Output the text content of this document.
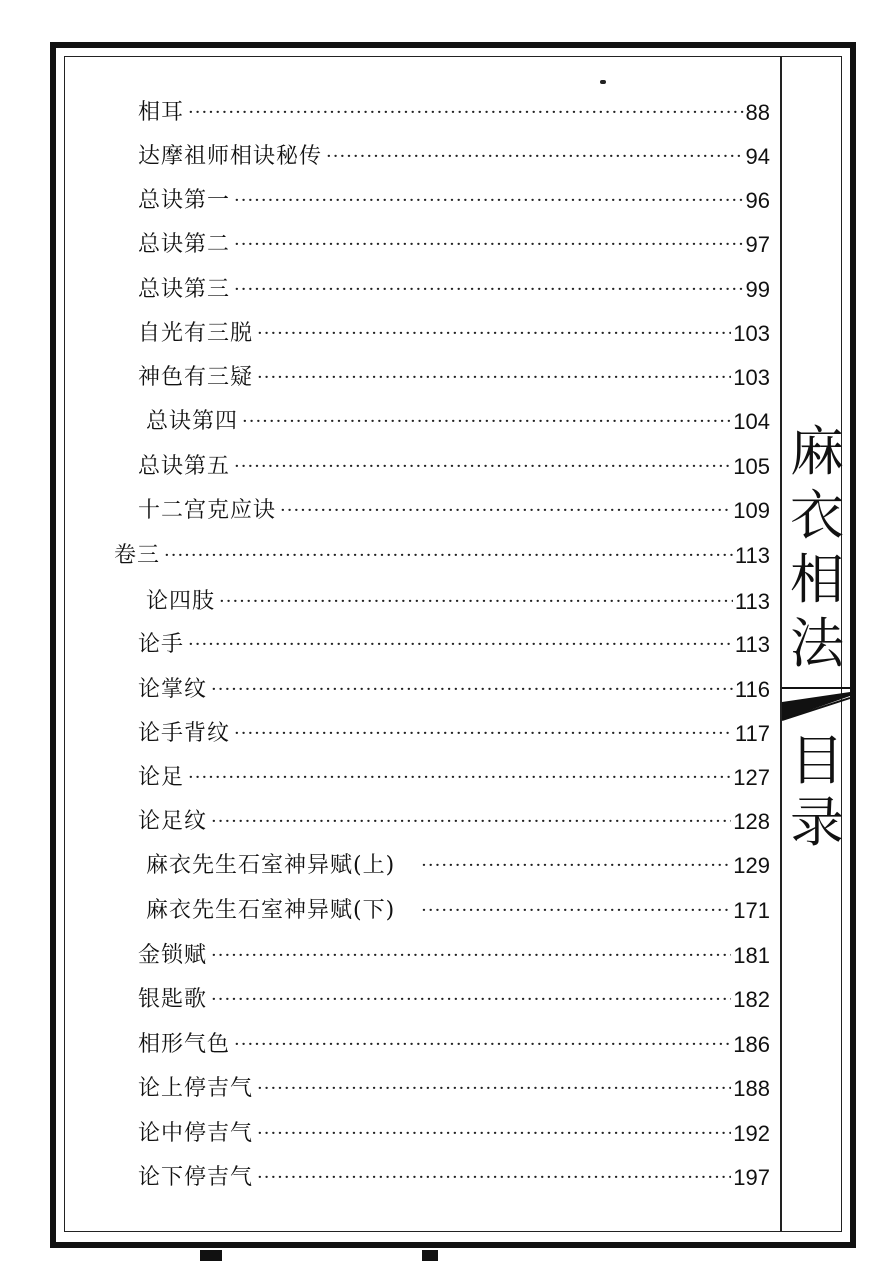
相耳 ·····	88
达摩祖师相诀秘传 ·····	94
总诀第一 ·····	96
总诀第二 ·····	97
总诀第三 ·····	99
自光有三脱 ·····	103
神色有三疑 ·····	103
总诀第四 ·····	104
总诀第五 ·····	105
十二宫克应诀 ·····	109
卷三 ·····	113
论四肢 ·····	113
论手 ·····	113
论掌纹 ·····	116
论手背纹 ·····	117
论足 ·····	127
论足纹 ·····	128
麻衣先生石室神异赋(上) ·····	129
麻衣先生石室神异赋(下) ·····	171
金锁赋 ·····	181
银匙歌 ·····	182
相形气色 ·····	186
论上停吉气 ·····	188
论中停吉气 ·····	192
论下停吉气 ·····	197
麻
衣
相
法
目
录
